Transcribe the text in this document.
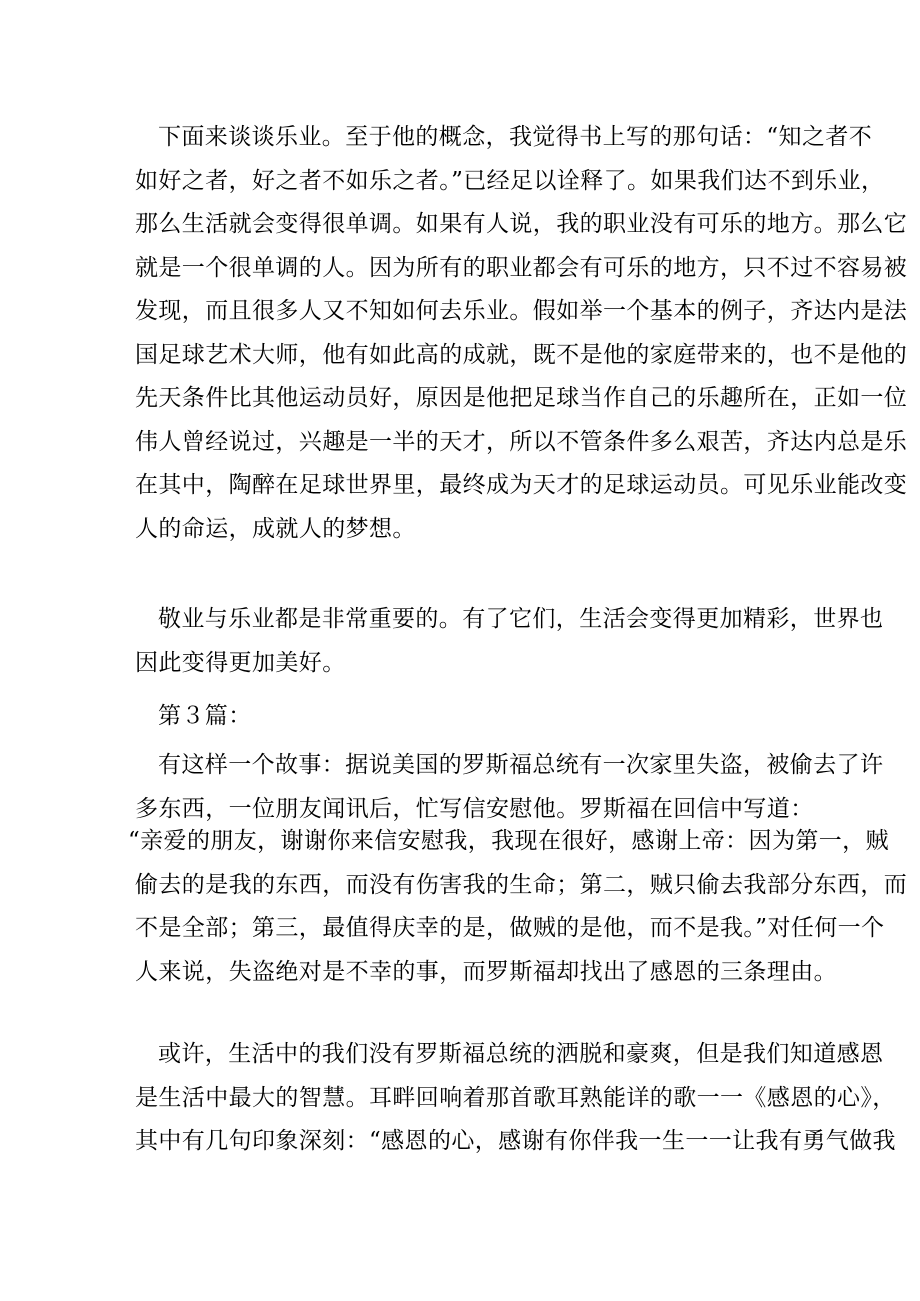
下面来谈谈乐业。至于他的概念，我觉得书上写的那句话：“知之者不
如好之者，好之者不如乐之者。”已经足以诠释了。如果我们达不到乐业，
那么生活就会变得很单调。如果有人说，我的职业没有可乐的地方。那么它
就是一个很单调的人。因为所有的职业都会有可乐的地方，只不过不容易被
发现，而且很多人又不知如何去乐业。假如举一个基本的例子，齐达内是法
国足球艺术大师，他有如此高的成就，既不是他的家庭带来的，也不是他的
先天条件比其他运动员好，原因是他把足球当作自己的乐趣所在，正如一位
伟人曾经说过，兴趣是一半的天才，所以不管条件多么艰苦，齐达内总是乐
在其中，陶醉在足球世界里，最终成为天才的足球运动员。可见乐业能改变
人的命运，成就人的梦想。
敬业与乐业都是非常重要的。有了它们，生活会变得更加精彩，世界也
因此变得更加美好。
第３篇：
有这样一个故事：据说美国的罗斯福总统有一次家里失盗，被偷去了许
多东西，一位朋友闻讯后，忙写信安慰他。罗斯福在回信中写道：
“亲爱的朋友，谢谢你来信安慰我，我现在很好，感谢上帝：因为第一，贼
偷去的是我的东西，而没有伤害我的生命；第二，贼只偷去我部分东西，而
不是全部；第三，最值得庆幸的是，做贼的是他，而不是我。”对任何一个
人来说，失盗绝对是不幸的事，而罗斯福却找出了感恩的三条理由。
或许，生活中的我们没有罗斯福总统的洒脱和豪爽，但是我们知道感恩
是生活中最大的智慧。耳畔回响着那首歌耳熟能详的歌一一《感恩的心》，
其中有几句印象深刻：“感恩的心，感谢有你伴我一生一一让我有勇气做我
